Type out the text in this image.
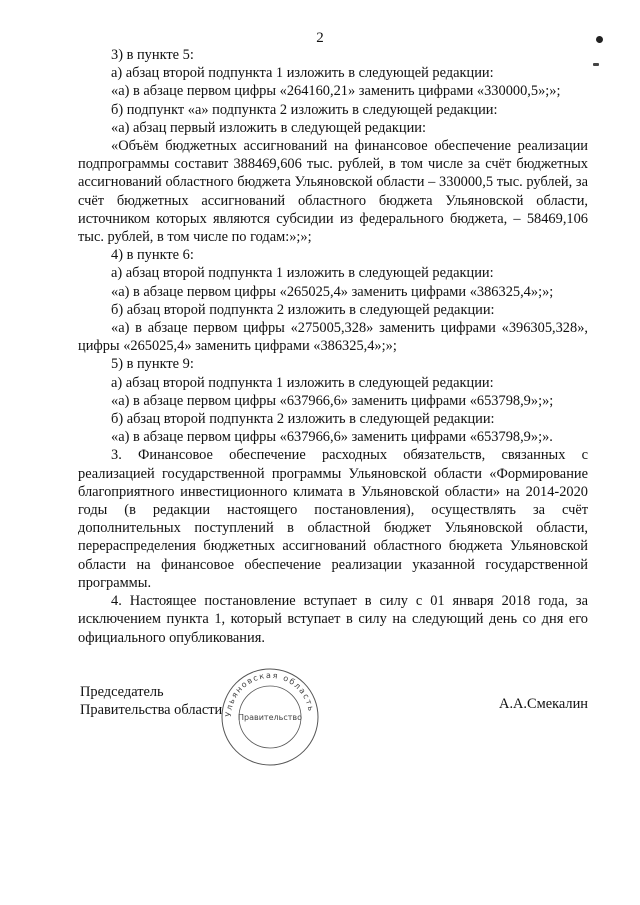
2

3) в пункте 5:

а) абзац второй подпункта 1 изложить в следующей редакции:

«а) в абзаце первом цифры «264160,21» заменить цифрами «330000,5»;»;

б) подпункт «а» подпункта 2 изложить в следующей редакции:

«а) абзац первый изложить в следующей редакции:

«Объём бюджетных ассигнований на финансовое обеспечение реализации подпрограммы составит 388469,606 тыс. рублей, в том числе за счёт бюджетных ассигнований областного бюджета Ульяновской области – 330000,5 тыс. рублей, за счёт бюджетных ассигнований областного бюджета Ульяновской области, источником которых являются субсидии из федерального бюджета, – 58469,106 тыс. рублей, в том числе по годам:»;»;

4) в пункте 6:

а) абзац второй подпункта 1 изложить в следующей редакции:

«а) в абзаце первом цифры «265025,4» заменить цифрами «386325,4»;»;

б) абзац второй подпункта 2 изложить в следующей редакции:

«а) в абзаце первом цифры «275005,328» заменить цифрами «396305,328», цифры «265025,4» заменить цифрами «386325,4»;»;

5) в пункте 9:

а) абзац второй подпункта 1 изложить в следующей редакции:

«а) в абзаце первом цифры «637966,6» заменить цифрами «653798,9»;»;

б) абзац второй подпункта 2 изложить в следующей редакции:

«а) в абзаце первом цифры «637966,6» заменить цифрами «653798,9»;».

3. Финансовое обеспечение расходных обязательств, связанных с реализацией государственной программы Ульяновской области «Формирование благоприятного инвестиционного климата в Ульяновской области» на 2014-2020 годы (в редакции настоящего постановления), осуществлять за счёт дополнительных поступлений в областной бюджет Ульяновской области, перераспределения бюджетных ассигнований областного бюджета Ульяновской области на финансовое обеспечение реализации указанной государственной программы.

4. Настоящее постановление вступает в силу с 01 января 2018 года, за исключением пункта 1, который вступает в силу на следующий день со дня его официального опубликования.

Председатель
Правительства области	А.А.Смекалин
Ульяновская область
Правительство
